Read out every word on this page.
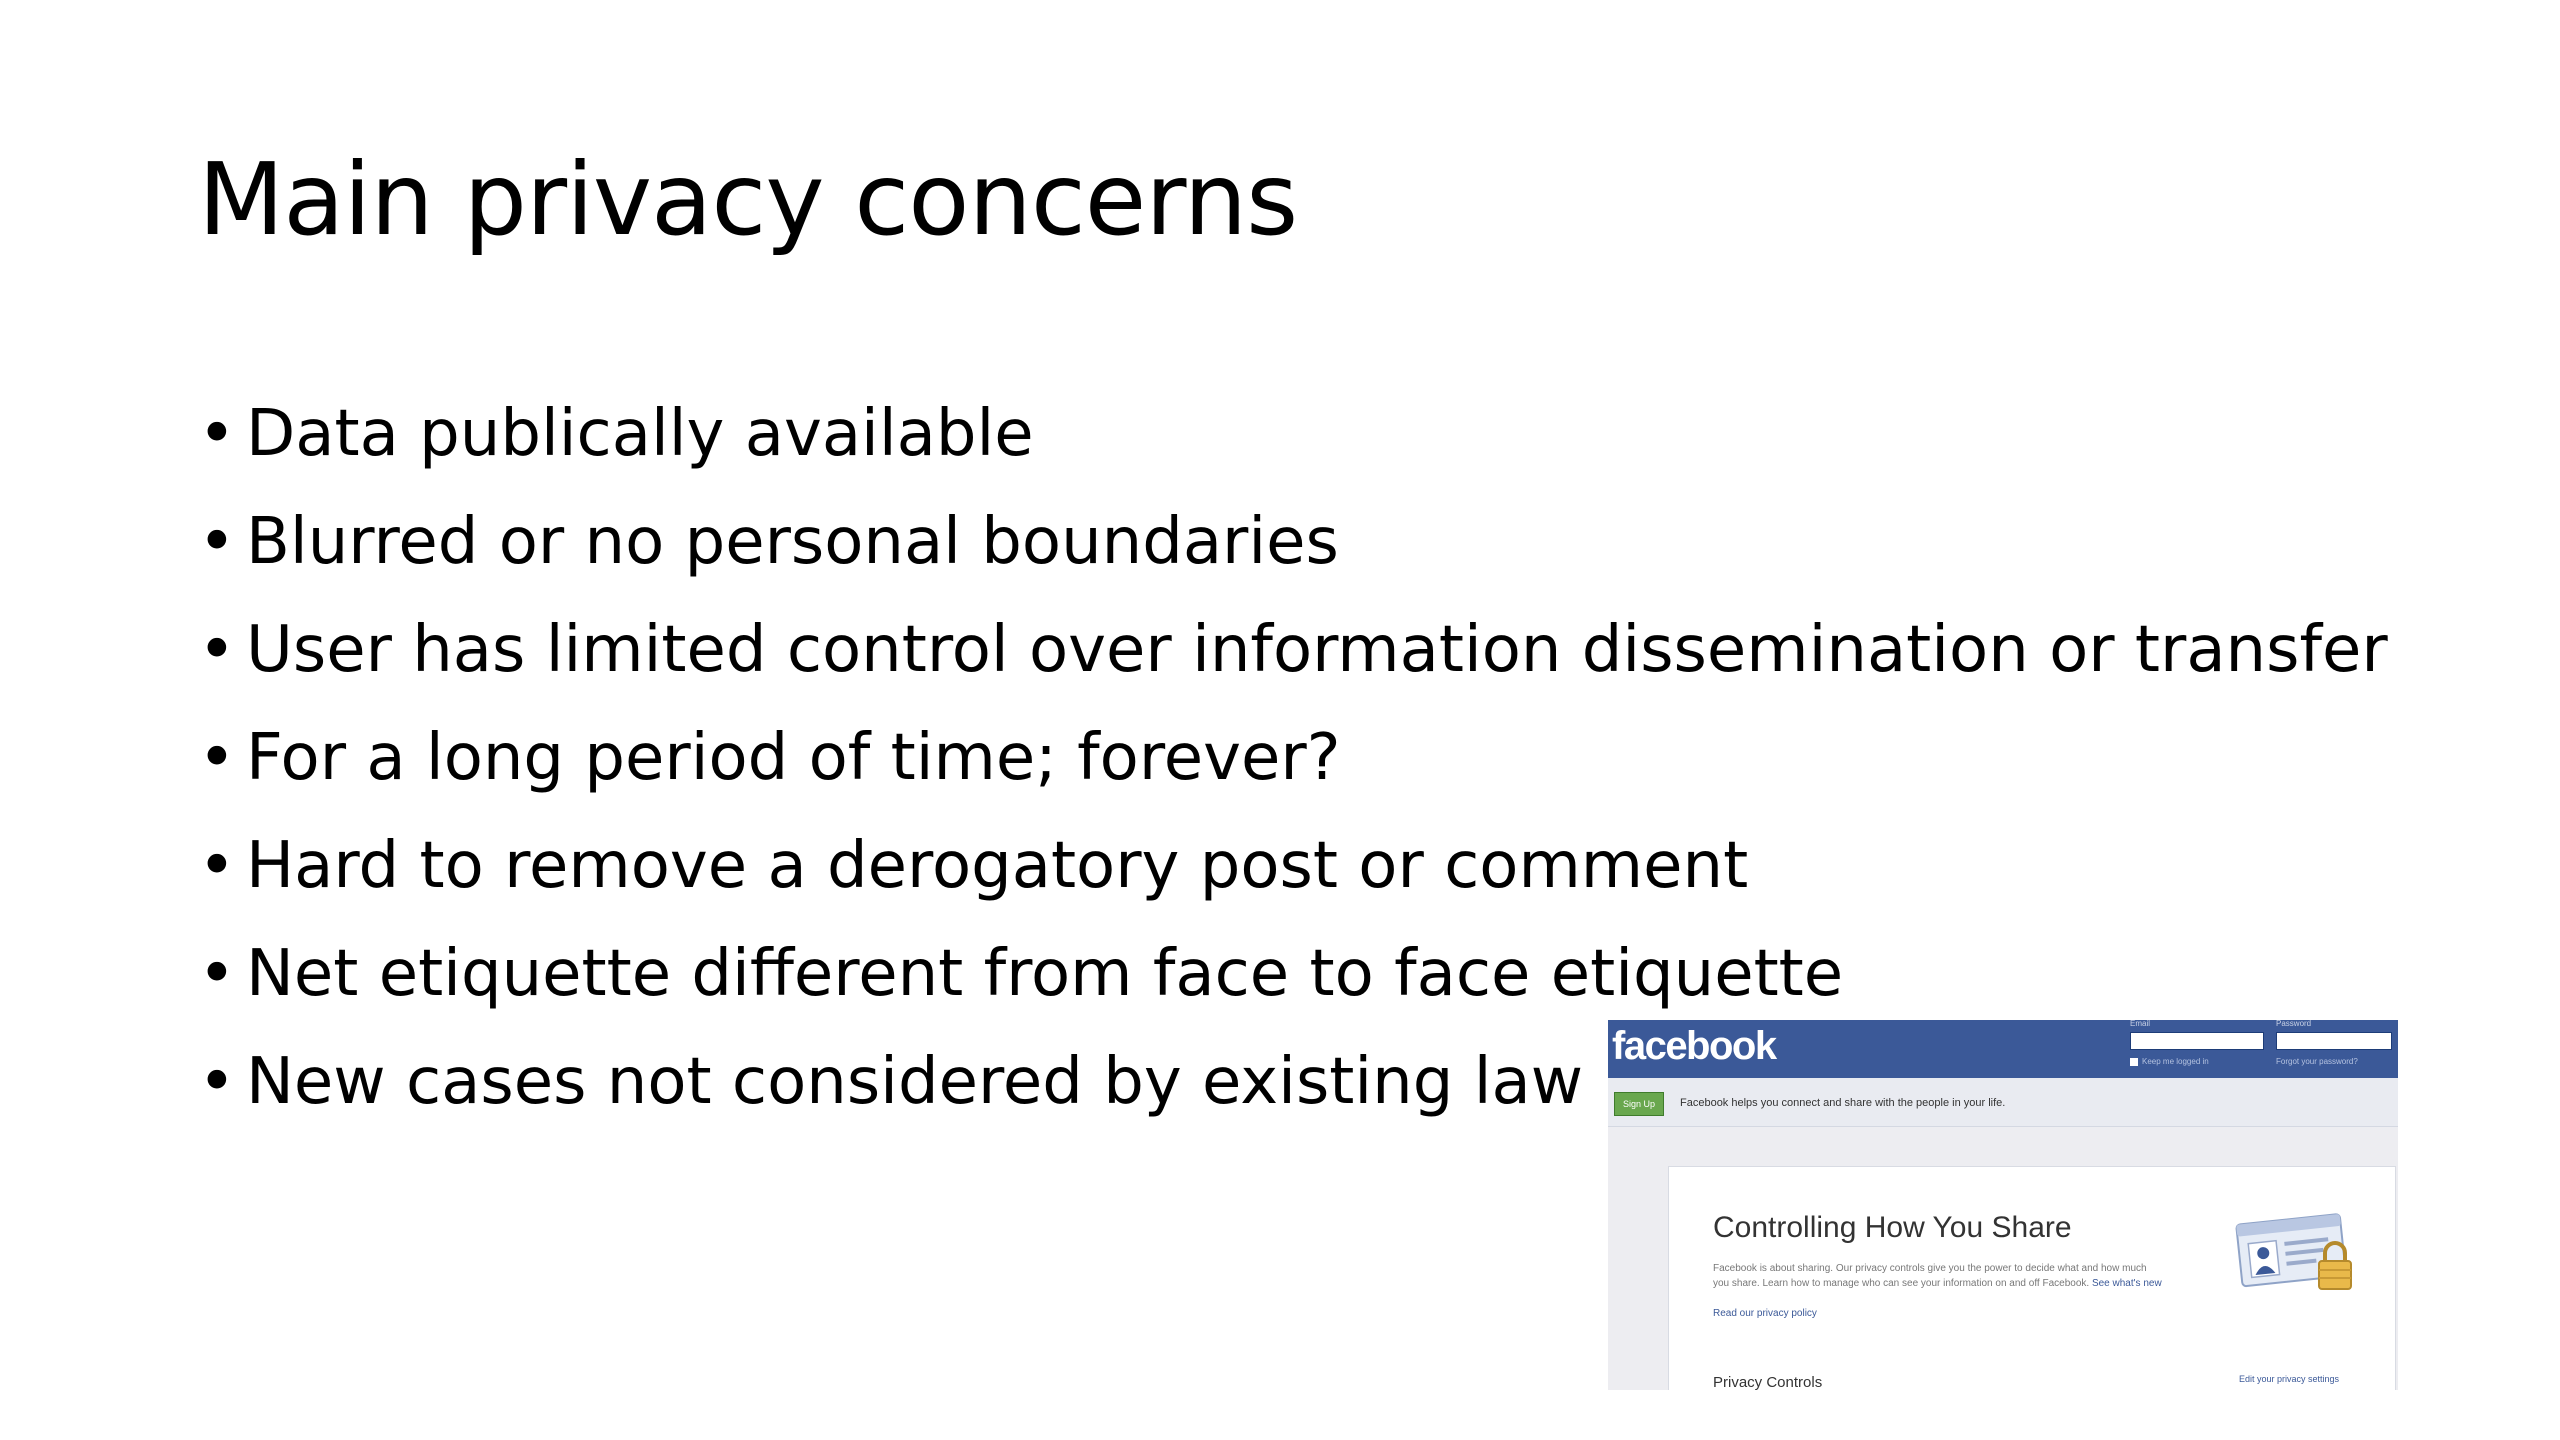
Main privacy concerns
• Data publically available
• Blurred or no personal boundaries
• User has limited control over information dissemination or transfer
• For a long period of time; forever?
• Hard to remove a derogatory post or comment
• Net etiquette different from face to face etiquette
• New cases not considered by existing law facebook
Email
Keep me logged in
Password
Forgot your password?
Sign Up	Facebook helps you connect and share with the people in your life.
Controlling How You Share
Facebook is about sharing. Our privacy controls give you the power to decide what and how much you share. Learn how to manage who can see your information on and off Facebook. See what's new
Read our privacy policy
Privacy Controls	Edit your privacy settings
